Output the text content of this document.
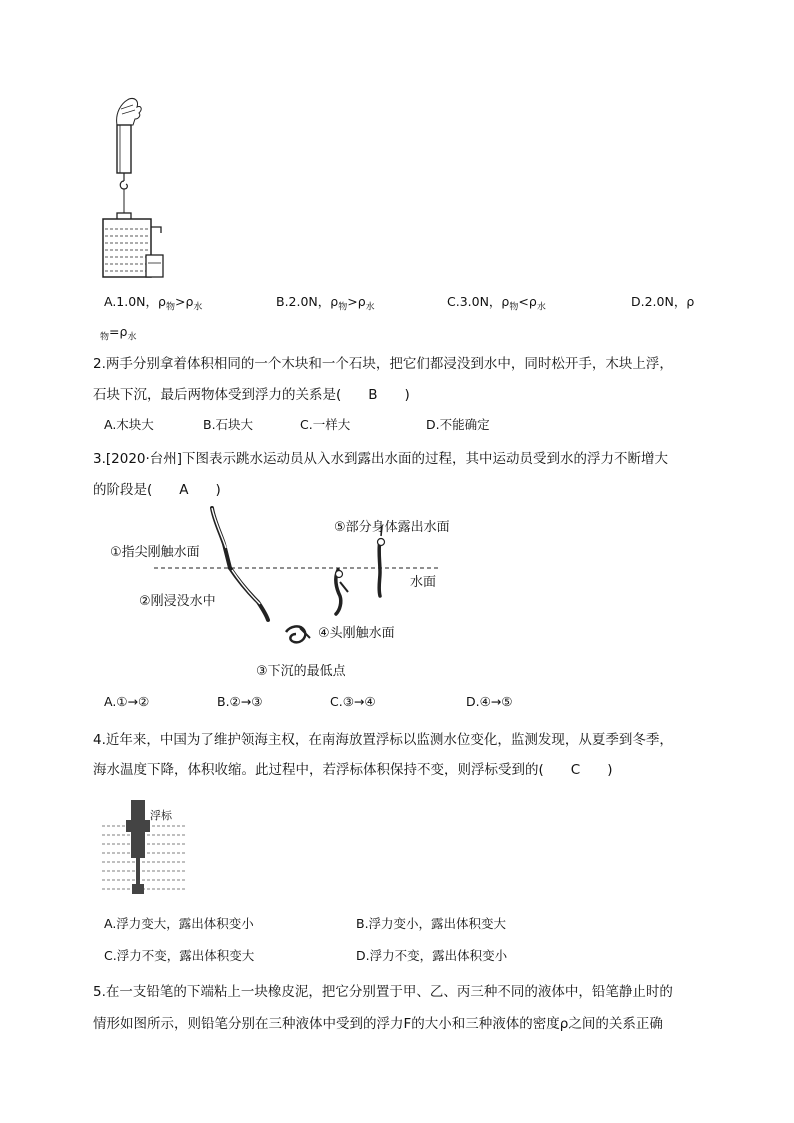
A.1.0N，$\rho_物>\rho_水$	B.2.0N，$\rho_物>\rho_水$	C.3.0N，$\rho_物<\rho_水$	D.2.0N，ρ
$_物=\rho_水$
2.两手分别拿着体积相同的一个木块和一个石块，把它们都浸没到水中，同时松开手，木块上浮，
石块下沉，最后两物体受到浮力的关系是(　　B　　)
A.木块大	B.石块大	C.一样大	D.不能确定
3.[2020·台州]下图表示跳水运动员从入水到露出水面的过程，其中运动员受到水的浮力不断增大
的阶段是(　　A　　)
①指尖刚触水面
②刚浸没水中
③下沉的最低点
④头刚触水面
⑤部分身体露出水面
水面
A.①→②	B.②→③	C.③→④	D.④→⑤
4.近年来，中国为了维护领海主权，在南海放置浮标以监测水位变化，监测发现，从夏季到冬季，
海水温度下降，体积收缩。此过程中，若浮标体积保持不变，则浮标受到的(　　C　　)
浮标
A.浮力变大，露出体积变小	B.浮力变小，露出体积变大
C.浮力不变，露出体积变大	D.浮力不变，露出体积变小
5.在一支铅笔的下端粘上一块橡皮泥，把它分别置于甲、乙、丙三种不同的液体中，铅笔静止时的
情形如图所示，则铅笔分别在三种液体中受到的浮力F的大小和三种液体的密度ρ之间的关系正确
